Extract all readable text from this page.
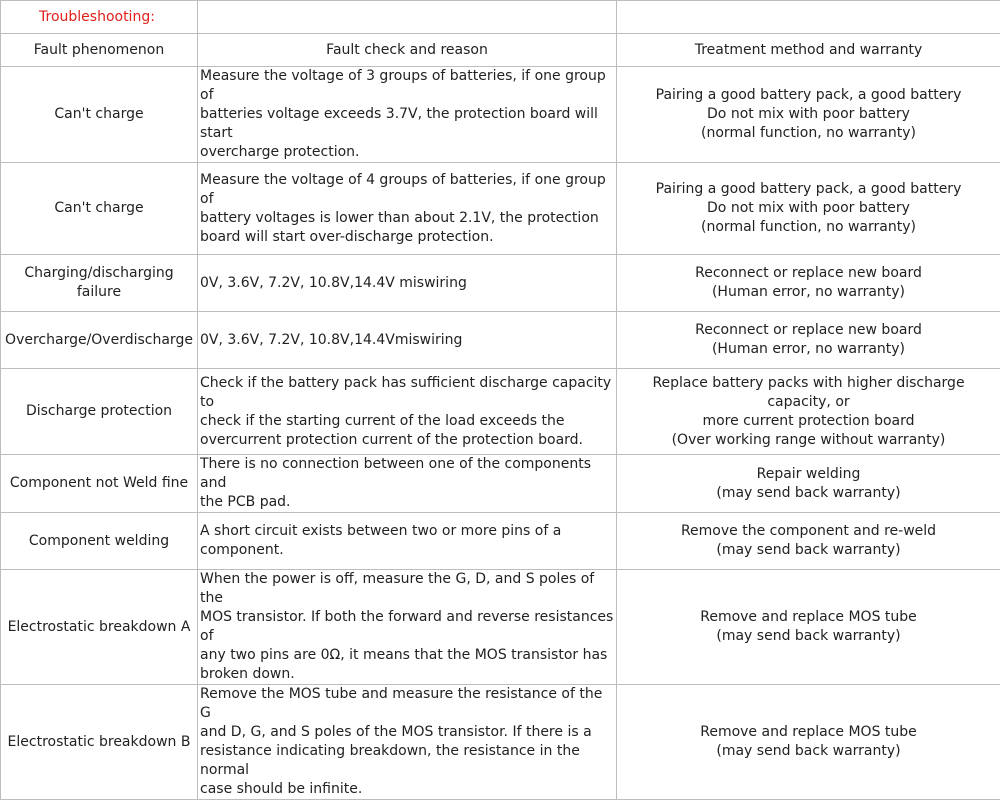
Troubleshooting:		
Fault phenomenon	Fault check and reason	Treatment method and warranty
Can't charge	Measure the voltage of 3 groups of batteries, if one group of
batteries voltage exceeds 3.7V, the protection board will start
overcharge protection.	Pairing a good battery pack, a good battery
Do not mix with poor battery
(normal function, no warranty)
Can't charge	Measure the voltage of 4 groups of batteries, if one group of
battery voltages is lower than about 2.1V, the protection
board will start over-discharge protection.	Pairing a good battery pack, a good battery
Do not mix with poor battery
(normal function, no warranty)
Charging/discharging failure	0V, 3.6V, 7.2V, 10.8V,14.4V miswiring	Reconnect or replace new board
(Human error, no warranty)
Overcharge/Overdischarge	0V, 3.6V, 7.2V, 10.8V,14.4Vmiswiring	Reconnect or replace new board
(Human error, no warranty)
Discharge protection	Check if the battery pack has sufficient discharge capacity to
check if the starting current of the load exceeds the
overcurrent protection current of the protection board.	Replace battery packs with higher discharge capacity, or
more current protection board
(Over working range without warranty)
Component not Weld fine	There is no connection between one of the components and
the PCB pad.	Repair welding
(may send back warranty)
Component welding	A short circuit exists between two or more pins of a
component.	Remove the component and re-weld
(may send back warranty)
Electrostatic breakdown A	When the power is off, measure the G, D, and S poles of the
MOS transistor. If both the forward and reverse resistances of
any two pins are 0Ω, it means that the MOS transistor has
broken down.	Remove and replace MOS tube
(may send back warranty)
Electrostatic breakdown B	Remove the MOS tube and measure the resistance of the G
and D, G, and S poles of the MOS transistor. If there is a
resistance indicating breakdown, the resistance in the normal
case should be infinite.	Remove and replace MOS tube
(may send back warranty)
